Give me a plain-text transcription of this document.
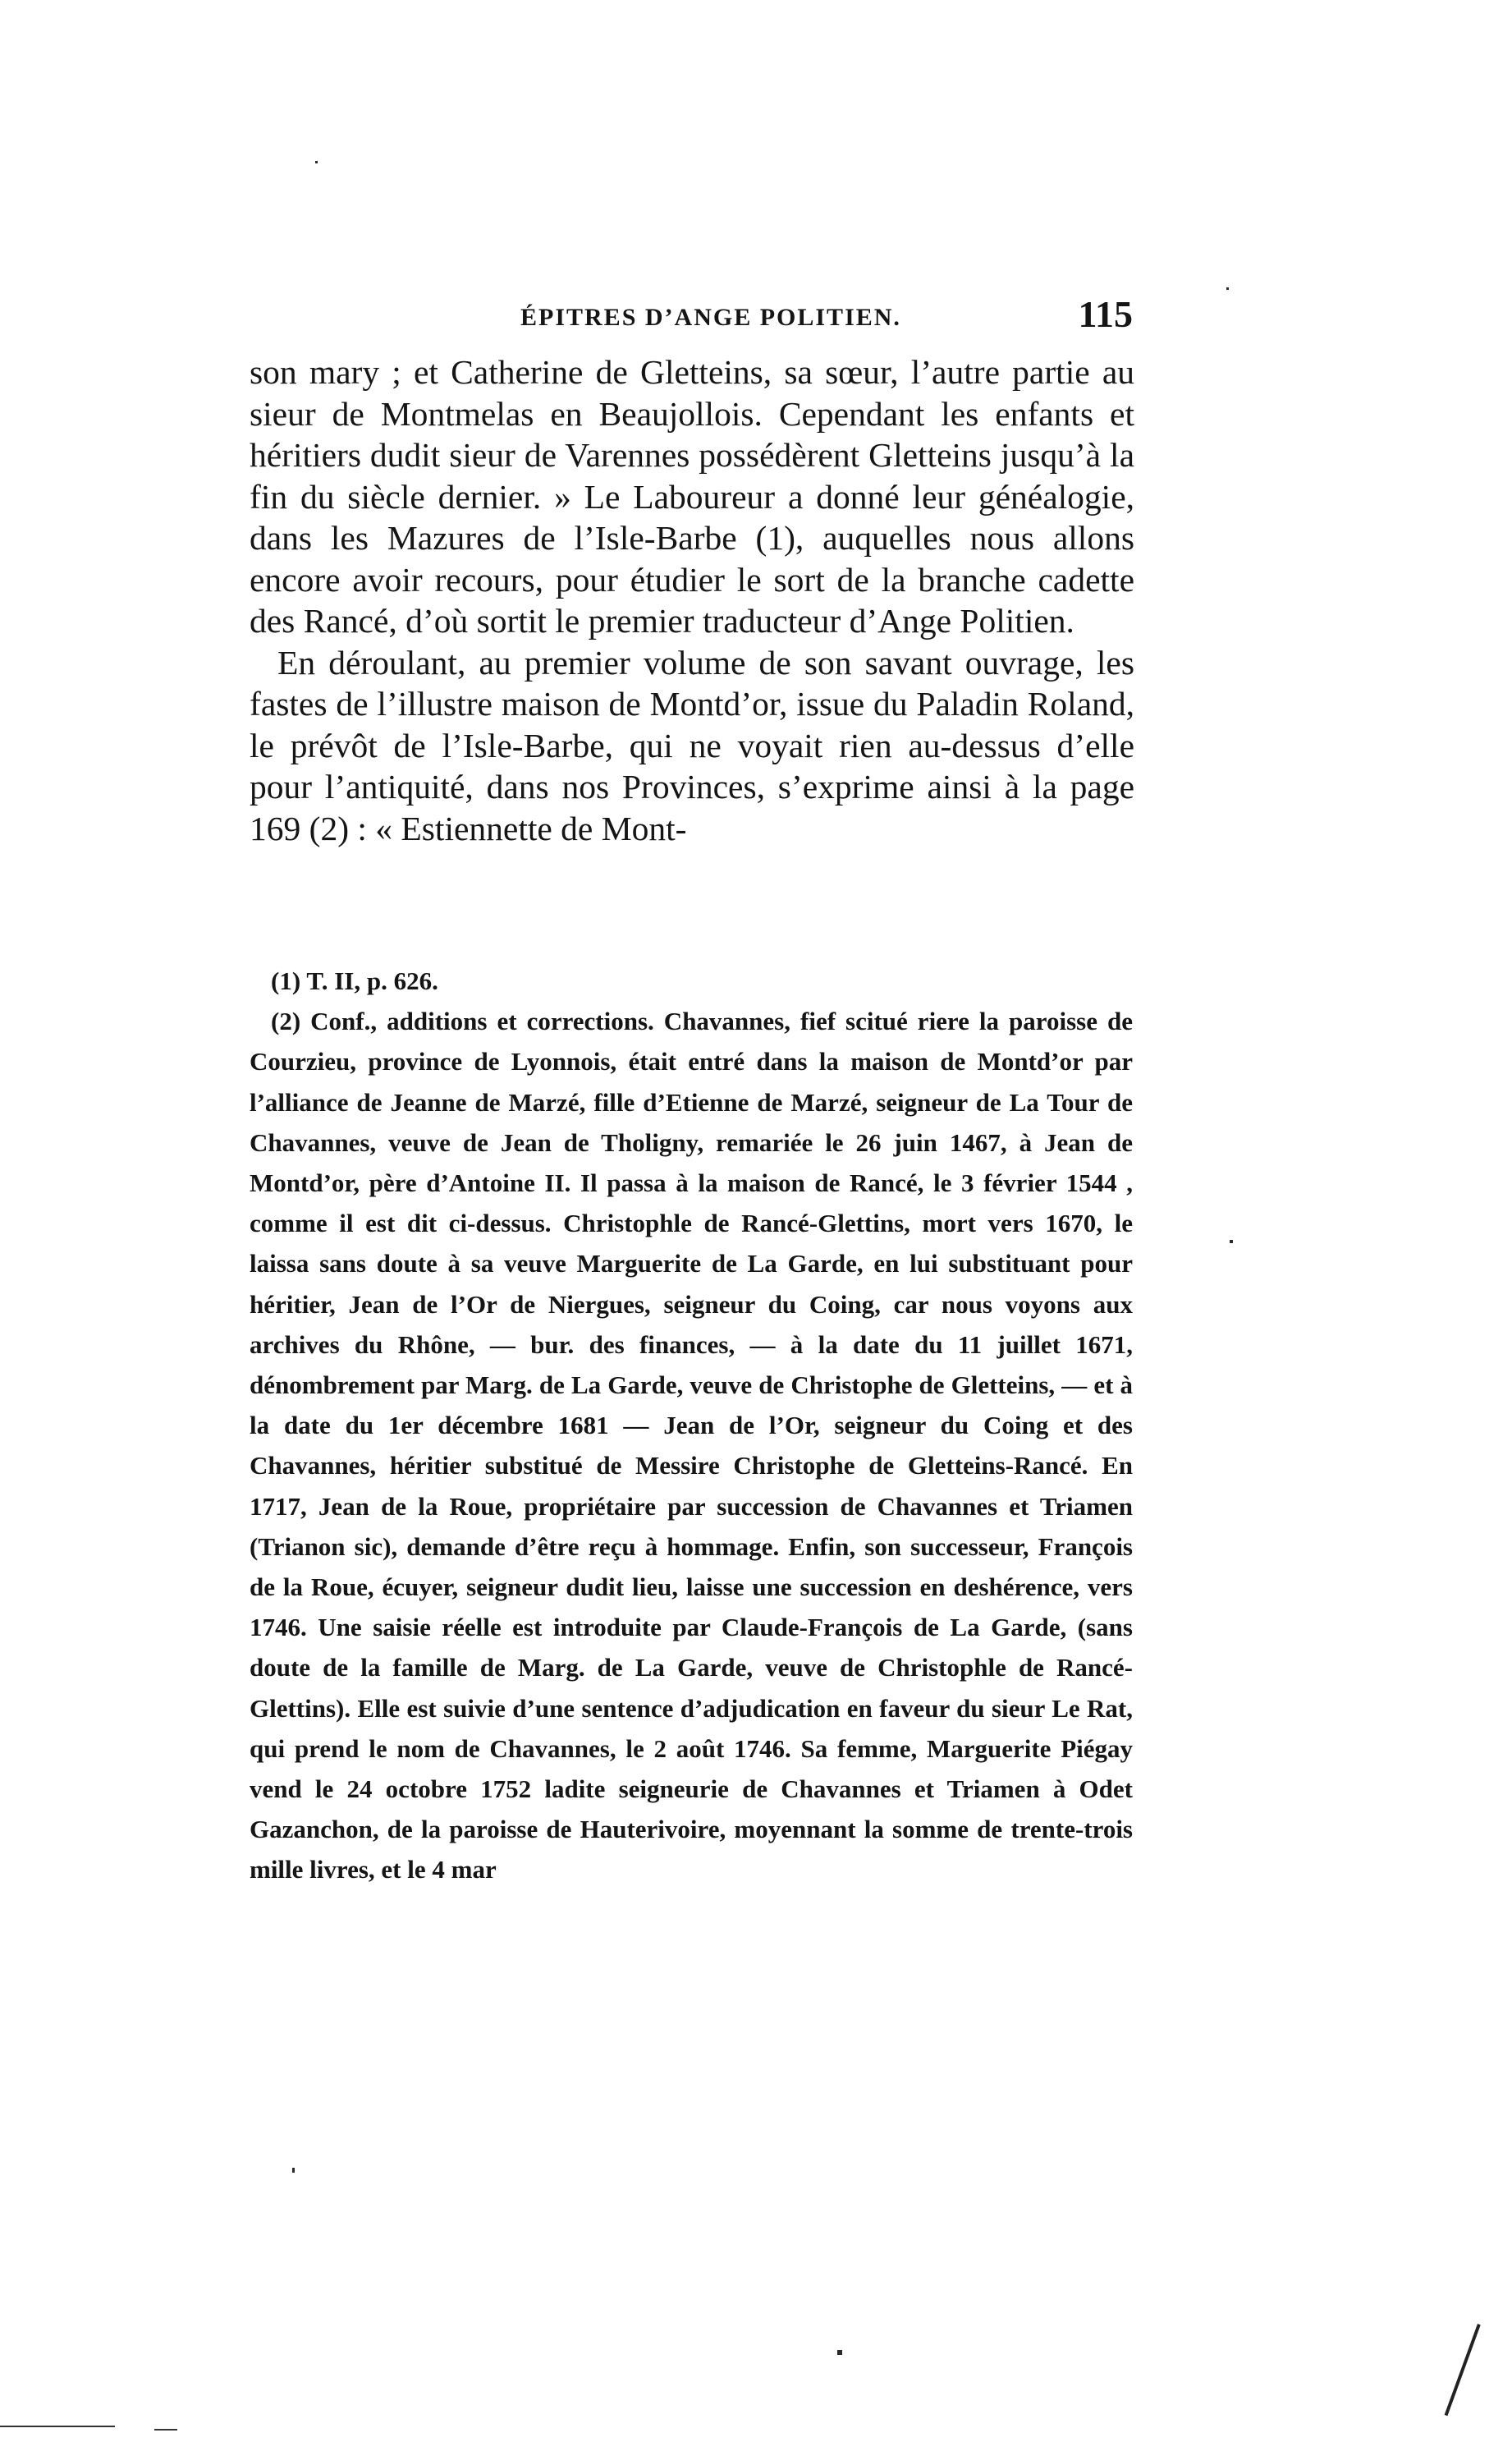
ÉPITRES D’ANGE POLITIEN.	115

son mary ; et Catherine de Gletteins, sa sœur, l’autre partie au sieur de Montmelas en Beaujollois. Cependant les enfants et héritiers dudit sieur de Varennes possédèrent Gletteins jusqu’à la fin du siècle dernier. » Le Laboureur a donné leur généalogie, dans les Mazures de l’Isle-Barbe (1), auquelles nous allons encore avoir recours, pour étudier le sort de la branche cadette des Rancé, d’où sortit le premier traducteur d’Ange Politien.

En déroulant, au premier volume de son savant ouvrage, les fastes de l’illustre maison de Montd’or, issue du Paladin Roland, le prévôt de l’Isle-Barbe, qui ne voyait rien au-dessus d’elle pour l’antiquité, dans nos Provinces, s’exprime ainsi à la page 169 (2) : « Estiennette de Mont-

(1) T. II, p. 626.

(2) Conf., additions et corrections. Chavannes, fief scitué riere la paroisse de Courzieu, province de Lyonnois, était entré dans la maison de Montd’or par l’alliance de Jeanne de Marzé, fille d’Etienne de Marzé, seigneur de La Tour de Chavannes, veuve de Jean de Tholigny, remariée le 26 juin 1467, à Jean de Montd’or, père d’Antoine II. Il passa à la maison de Rancé, le 3 février 1544 , comme il est dit ci-dessus. Christophle de Rancé-Glettins, mort vers 1670, le laissa sans doute à sa veuve Marguerite de La Garde, en lui substituant pour héritier, Jean de l’Or de Niergues, seigneur du Coing, car nous voyons aux archives du Rhône, — bur. des finances, — à la date du 11 juillet 1671, dénombrement par Marg. de La Garde, veuve de Christophe de Gletteins, — et à la date du 1er décembre 1681 — Jean de l’Or, seigneur du Coing et des Chavannes, héritier substitué de Messire Christophe de Gletteins-Rancé. En 1717, Jean de la Roue, propriétaire par succession de Chavannes et Triamen (Trianon sic), demande d’être reçu à hommage. Enfin, son successeur, François de la Roue, écuyer, seigneur dudit lieu, laisse une succession en deshérence, vers 1746. Une saisie réelle est introduite par Claude-François de La Garde, (sans doute de la famille de Marg. de La Garde, veuve de Christophle de Rancé-Glettins). Elle est suivie d’une sentence d’adjudication en faveur du sieur Le Rat, qui prend le nom de Chavannes, le 2 août 1746. Sa femme, Marguerite Piégay vend le 24 octobre 1752 ladite seigneurie de Chavannes et Triamen à Odet Gazanchon, de la paroisse de Hauterivoire, moyennant la somme de trente-trois mille livres, et le 4 mar
